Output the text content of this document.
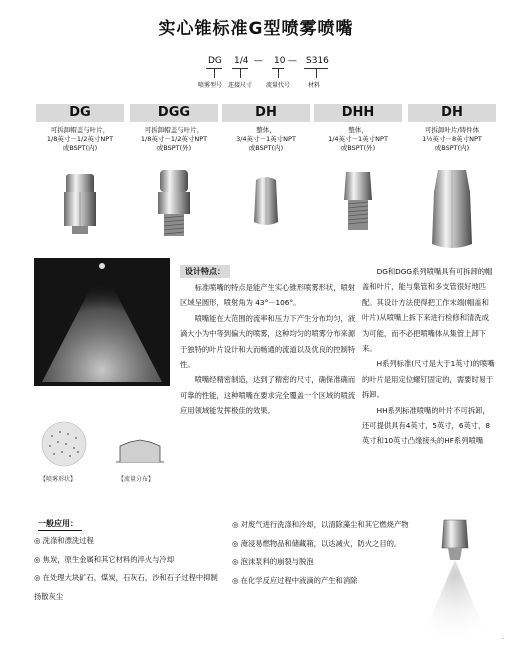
实心锥标准G型喷雾喷嘴
DG 1/4 — 10 — S316
喷雾型号 连接尺寸 流量代号	材料
DG
可拆卸帽盖与叶片，
1/8英寸－1/2英寸NPT
或BSPT(内)
DGG
可拆卸帽盖与叶片，
1/8英寸－1/2英寸NPT
或BSPT(外)
DH
整体，
3/4英寸－1英寸NPT
或BSPT(内)
DHH
整体，
1/4英寸－1英寸NPT
或BSPT(外)
DH
可拆卸叶片/铸件体
1½英寸－8英寸NPT
或BSPT(内)
【喷雾形状】	【流量分布】
设计特点：

标准喷嘴的特点是能产生实心锥形喷雾形状，喷射区域呈圆形，喷射角为 43°－106°。

喷嘴能在大范围的流率和压力下产生分布均匀，液滴大小为中等到偏大的喷雾，这种均匀的喷雾分布来源于独特的叶片设计和大而畅通的流道以及优良的控制特性。

喷嘴经精密制造，达到了精密的尺寸，确保准确而可靠的性能，这种喷嘴在要求完全覆盖一个区域的喷流应用领域能发挥极佳的效果。

DG和DGG系列喷嘴具有可拆卸的帽盖和叶片，能与集管和多支管很好地匹配。其设计方法使得把工作末端(帽盖和叶片)从喷嘴上拆下来进行检修和清洗成为可能，而不必把喷嘴体从集管上卸下来。

H系列标准(尺寸是大于1英寸)的喷嘴的叶片是用定位螺钉固定的，需要时易于拆卸。

HH系列标准喷嘴的叶片不可拆卸，还可提供具有4英寸，5英寸，6英寸，8英寸和10英寸凸缘接头的HF系列喷嘴

一般应用：
◎ 洗涤和漂洗过程
◎ 焦炭，原生金属和其它材料的淬火与冷却
◎ 在处理大块矿石，煤炭，石灰石，沙和石子过程中抑制扬散灰尘
◎ 对废气进行洗涤和冷却，以清除藻尘和其它燃烧产物
◎ 淹浸易燃物品和储藏箱，以达减火，防火之目的。
◎ 泡沫泵料的崩裂与脱泡
◎ 在化学反应过程中液滴的产生和消除
·
